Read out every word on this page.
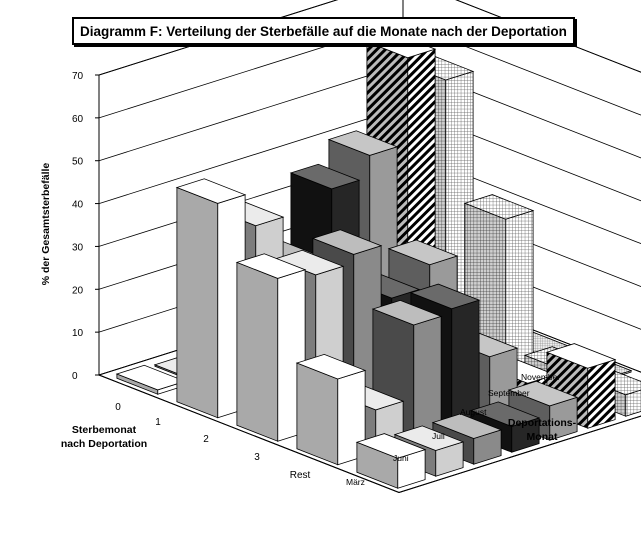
0
10
20
30
40
50
60
70
0
1
2
3
Rest
März
Juni
Juli
August
September
November
% der Gesamtsterbefälle
Sterbemonat
nach Deportation
Deportations-
Monat
Diagramm F: Verteilung der Sterbefälle auf die Monate nach der Deportation
